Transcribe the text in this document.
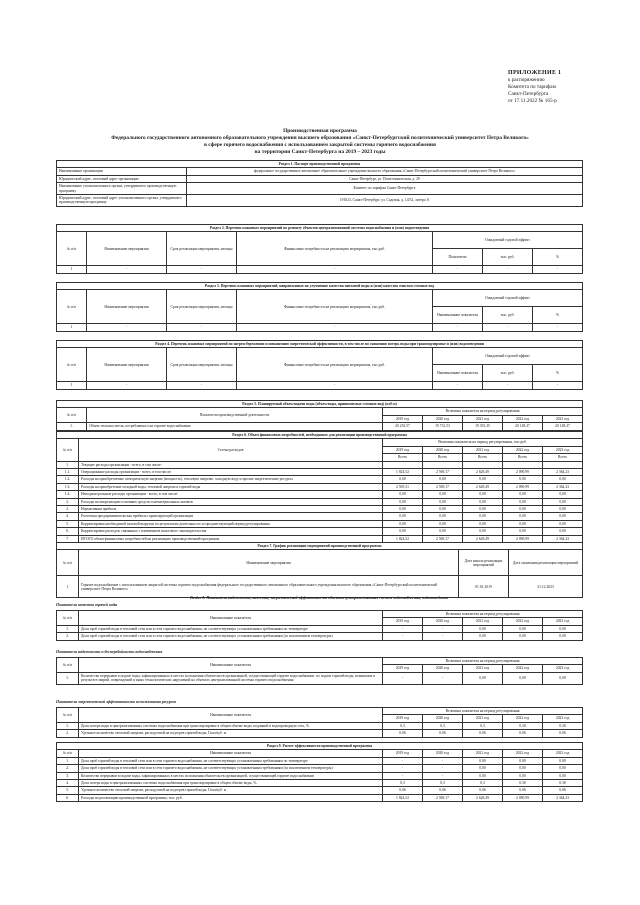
ПРИЛОЖЕНИЕ 1
к распоряжению
Комитета по тарифам
Санкт-Петербурга
от 17.11.2022 № 165-р
Производственная программа
Федерального государственного автономного образовательного учреждения высшего образования «Санкт-Петербургский политехнический университет Петра Великого»
в сфере горячего водоснабжения с использованием закрытой системы горячего водоснабжения
на территории Санкт-Петербурга на 2019 – 2023 годы
Раздел 1. Паспорт производственной программы	
Наименование организации	федеральное государственное автономное образовательное учреждение высшего образования «Санкт-Петербургский политехнический университет Петра Великого»
Юридический адрес, почтовый адрес организации	Санкт-Петербург, ул. Политехническая, д. 29
Наименование уполномоченного органа, утвердившего производственную программу	Комитет по тарифам Санкт-Петербурга
Юридический адрес, почтовый адрес уполномоченного органа, утвердившего производственную программу	191023, Санкт-Петербург, ул. Садовая, д. 14/52, литера А
Раздел 2. Перечень плановых мероприятий по ремонту объектов централизованной системы водоснабжения и (или) водоотведения						
№ п/п	Наименование мероприятия	Срок реализации мероприятия, месяцы	Финансовые потребности на реализацию мероприятия, тыс.руб.	Ожидаемый годовой эффект		
				Показатели	тыс. руб.	%
1	-	-	-	-	-	-
Раздел 3. Перечень плановых мероприятий, направленных на улучшение качества питьевой воды и (или) качества очистки сточных вод						
№ п/п	Наименование мероприятия	Срок реализации мероприятия, месяцы	Финансовые потребности на реализацию мероприятия, тыс.руб.	Ожидаемый годовой эффект		
				Наименование показателя	тыс. руб.	%
1	-	-	-	-	-	-
Раздел 4. Перечень плановых мероприятий по энергосбережению и повышению энергетической эффективности, в том числе по снижению потерь воды при транспортировке и (или) водоотведении						
№ п/п	Наименование мероприятия	Срок реализации мероприятия, месяцы	Финансовые потребности на реализацию мероприятия, тыс.руб.	Ожидаемый годовой эффект		
				Наименование показателя	тыс. руб.	%
1	-	-	-	-	-	-
Раздел 5. Планируемый объем подачи воды (объем воды, принимаемых сточных вод) (куб.м)						
№ п/п	Показатели производственной деятельности	Величина показателя на период регулирования				
		2019 год	2020 год	2021 год	2022 год	2023 год
1.	Объем теплоносителя, потребляемого на горячее водоснабжение	20 233,57	19 731,53	19 391,35	20 149,37	20 149,37
Раздел 6. Объем финансовых потребностей, необходимых для реализации производственной программы						
№ п/п	Статьи расходов	Величина показателя на период регулирования, тыс.руб.				
		2019 год	2020 год	2021 год	2022 год	2023 год
		Всего	Всего	Всего	Всего	Всего
1.	Текущие расходы организации - всего, в том числе:					
1.1.	Операционные расходы организации - всего, в том числе:	1 824,52	2 569,17	2 628,49	2 090,99	2 364,23
1.2.	Расходы на приобретаемые электрическую энергию (мощность), тепловую энергию, холодную воду и прочие энергетические ресурсы	0,00	0,00	0,00	0,00	0,00
1.3.	Расходы на приобретение холодной воды, тепловой энергии и горячей воды	2 505,31	2 569,17	2 628,49	2 090,99	2 364,23
1.4.	Неподконтрольные расходы организации - всего, в том числе:	0,00	0,00	0,00	0,00	0,00
2.	Расходы на амортизацию основных средств и нематериальных активов	0,00	0,00	0,00	0,00	0,00
3.	Нормативная прибыль	0,00	0,00	0,00	0,00	0,00
4.	Расчетная предпринимательская прибыль гарантирующей организации	0,00	0,00	0,00	0,00	0,00
5.	Корректировка необходимой валовой выручки по результатам деятельности за предшествующий период регулирования	0,00	0,00	0,00	0,00	0,00
6.	Корректировка расходов, связанных с изменением налогового законодательства	0,00	0,00	0,00	0,00	0,00
7.	ИТОГО объем финансовых потребностей на реализацию производственной программы	1 824,52	2 569,17	2 628,49	2 090,99	2 364,23
Раздел 7. График реализации мероприятий производственной программы			
№ п/п	Наименование мероприятия	Дата начала реализации мероприятий	Дата окончания реализации мероприятий
1	Горячее водоснабжение с использованием закрытой системы горячего водоснабжения федерального государственного автономного образовательного учреждения высшего образования «Санкт-Петербургский политехнический университет Петра Великого»	01.01.2019	31.12.2023
Раздел 8. Показатели надежности, качества, энергетической эффективности объектов централизованных систем водоснабжения, водоотведения
Показатели качества горячей воды
№ п/п	Наименование показателя	Величина показателя на период регулирования				
		2019 год	2020 год	2021 год	2022 год	2023 год
1.	Доля проб горячей воды в тепловой сети или в сети горячего водоснабжения, не соответствующих установленным требованиям по температуре	-	-	0,00	0,00	0,00
2.	Доля проб горячей воды в тепловой сети или в сети горячего водоснабжения, не соответствующих установленным требованиям (за исключением температуры)	-	-	0,00	0,00	0,00
Показатели надежности и бесперебойности водоснабжения
№ п/п	Наименование показателя	Величина показателя на период регулирования				
		2019 год	2020 год	2021 год	2022 год	2023 год
1.	Количество перерывов в подаче воды, зафиксированных в местах исполнения обязательств организацией, осуществляющей горячее водоснабжение, по подаче горячей воды, возникших в результате аварий, повреждений и иных технологических нарушений на объектах централизованной системы горячего водоснабжения	-	-	0,00	0,00	0,00
Показатели энергетической эффективности использования ресурсов
№ п/п	Наименование показателя	Величина показателя на период регулирования				
		2019 год	2020 год	2021 год	2022 год	2023 год
1.	Доля потерь воды в централизованных системах водоснабжения при транспортировке в общем объеме воды, поданной в водопроводную сеть, %	0,3	0,3	0,3	0,30	0,30
2.	Удельное количество тепловой энергии, расходуемой на подогрев горячей воды, Гкал/куб. м	0,06	0,06	0,06	0,06	0,06
Раздел 9. Расчет эффективности производственной программы						
№ п/п	Наименование показателя	2019 год	2020 год	2021 год	2022 год	2023 год
1.	Доля проб горячей воды в тепловой сети или в сети горячего водоснабжения, не соответствующих установленным требованиям по температуре	-	-	0,00	0,00	0,00
2.	Доля проб горячей воды в тепловой сети или в сети горячего водоснабжения, не соответствующих установленным требованиям (за исключением температуры)	-	-	0,00	0,00	0,00
3.	Количество перерывов в подаче воды, зафиксированных в местах исполнения обязательств организацией, осуществляющей горячее водоснабжение	-	-	0,00	0,00	0,00
4.	Доля потерь воды в централизованных системах водоснабжения при транспортировке в общем объеме воды, %	0,3	0,3	0,3	0,30	0,30
5.	Удельное количество тепловой энергии, расходуемой на подогрев горячей воды, Гкал/куб. м	0,06	0,06	0,06	0,06	0,06
6.	Расходы на реализацию производственной программы, тыс. руб.	1 824,52	2 569,17	2 628,49	2 090,99	2 364,23
